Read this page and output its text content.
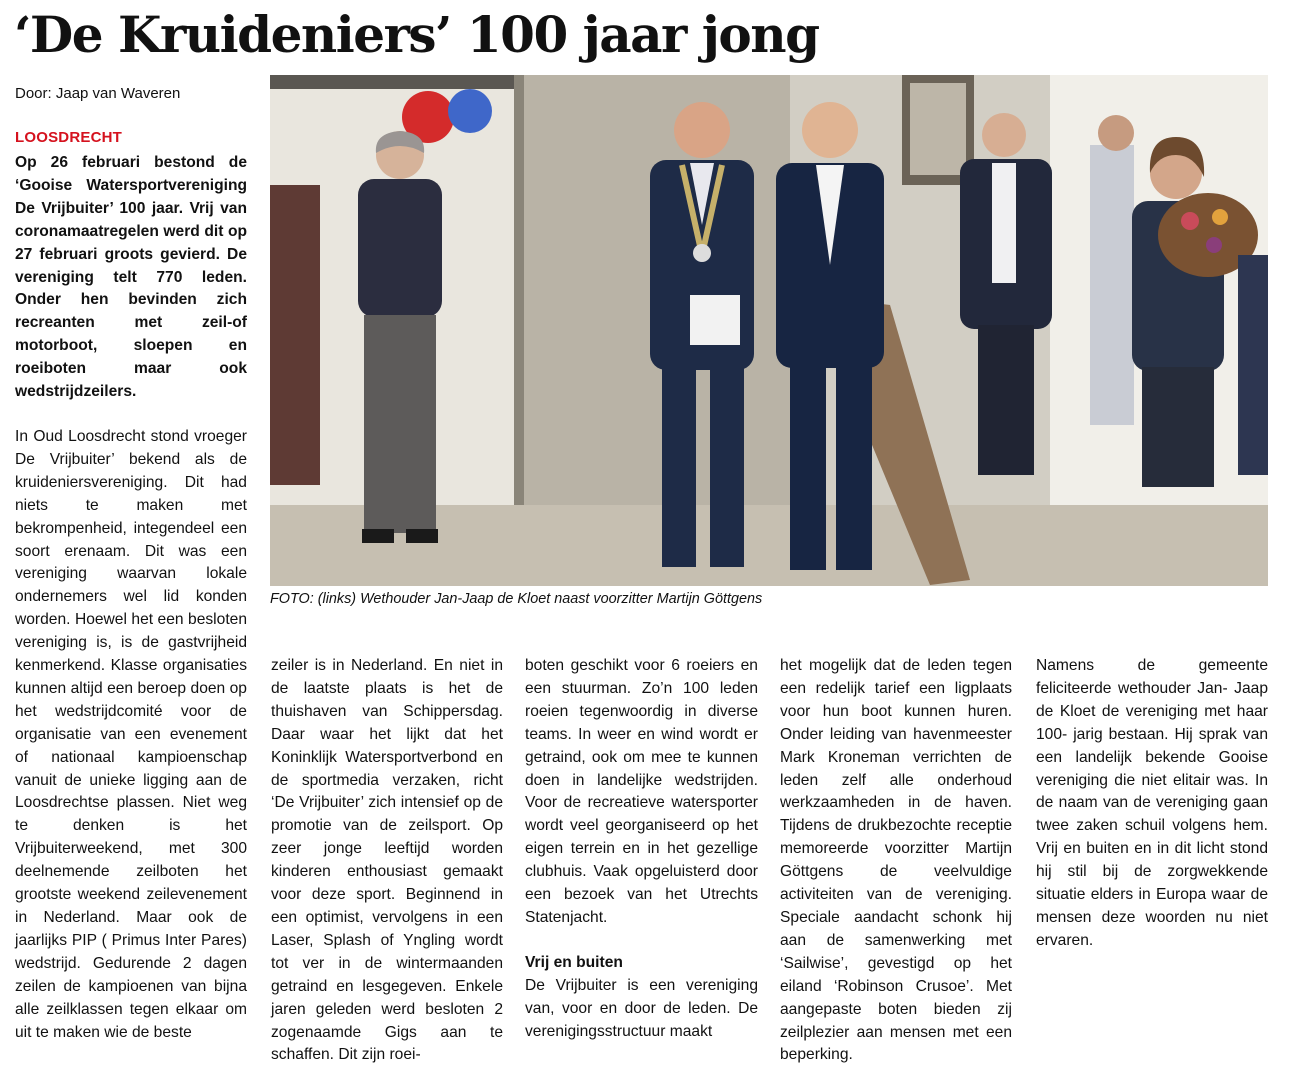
‘De Kruideniers’ 100 jaar jong
Door: Jaap van Waveren
LOOSDRECHT

Op 26 februari bestond de ‘Gooise Watersportvereniging De Vrijbuiter’ 100 jaar. Vrij van coronamaatregelen werd dit op 27 februari groots gevierd. De vereniging telt 770 leden. Onder hen bevinden zich recreanten met zeil-of motorboot, sloepen en roeiboten maar ook wedstrijdzeilers.

In Oud Loosdrecht stond vroeger De Vrijbuiter’ bekend als de kruideniersvereniging. Dit had niets te maken met bekrompenheid, integendeel een soort erenaam. Dit was een vereniging waarvan lokale ondernemers wel lid konden worden. Hoewel het een besloten vereniging is, is de gastvrijheid kenmerkend. Klasse organisaties kunnen altijd een beroep doen op het wedstrijdcomité voor de organisatie van een evenement of nationaal kampioenschap vanuit de unieke ligging aan de Loosdrechtse plassen. Niet weg te denken is het Vrijbuiterweekend, met 300 deelnemende zeilboten het grootste weekend zeilevenement in Nederland. Maar ook de jaarlijks PIP ( Primus Inter Pares) wedstrijd. Gedurende 2 dagen zeilen de kampioenen van bijna alle zeilklassen tegen elkaar om uit te maken wie de beste

FOTO: (links) Wethouder Jan-Jaap de Kloet naast voorzitter Martijn Göttgens

zeiler is in Nederland. En niet in de laatste plaats is het de thuishaven van Schippersdag. Daar waar het lijkt dat het Koninklijk Watersportverbond en de sportmedia verzaken, richt ‘De Vrijbuiter’ zich intensief op de promotie van de zeilsport. Op zeer jonge leeftijd worden kinderen enthousiast gemaakt voor deze sport. Beginnend in een optimist, vervolgens in een Laser, Splash of Yngling wordt tot ver in de wintermaanden getraind en lesgegeven. Enkele jaren geleden werd besloten 2 zogenaamde Gigs aan te schaffen. Dit zijn roei-

boten geschikt voor 6 roeiers en een stuurman. Zo’n 100 leden roeien tegenwoordig in diverse teams. In weer en wind wordt er getraind, ook om mee te kunnen doen in landelijke wedstrijden. Voor de recreatieve watersporter wordt veel georganiseerd op het eigen terrein en in het gezellige clubhuis. Vaak opgeluisterd door een bezoek van het Utrechts Statenjacht.

Vrij en buiten

De Vrijbuiter is een vereniging van, voor en door de leden. De verenigingsstructuur maakt

het mogelijk dat de leden tegen een redelijk tarief een ligplaats voor hun boot kunnen huren. Onder leiding van havenmeester Mark Kroneman verrichten de leden zelf alle onderhoud werkzaamheden in de haven. Tijdens de drukbezochte receptie memoreerde voorzitter Martijn Göttgens de veelvuldige activiteiten van de vereniging. Speciale aandacht schonk hij aan de samenwerking met ‘Sailwise’, gevestigd op het eiland ‘Robinson Crusoe’. Met aangepaste boten bieden zij zeilplezier aan mensen met een beperking.

Namens de gemeente feliciteerde wethouder Jan- Jaap de Kloet de vereniging met haar 100- jarig bestaan. Hij sprak van een landelijk bekende Gooise vereniging die niet elitair was. In de naam van de vereniging gaan twee zaken schuil volgens hem. Vrij en buiten en in dit licht stond hij stil bij de zorgwekkende situatie elders in Europa waar de mensen deze woorden nu niet ervaren.
